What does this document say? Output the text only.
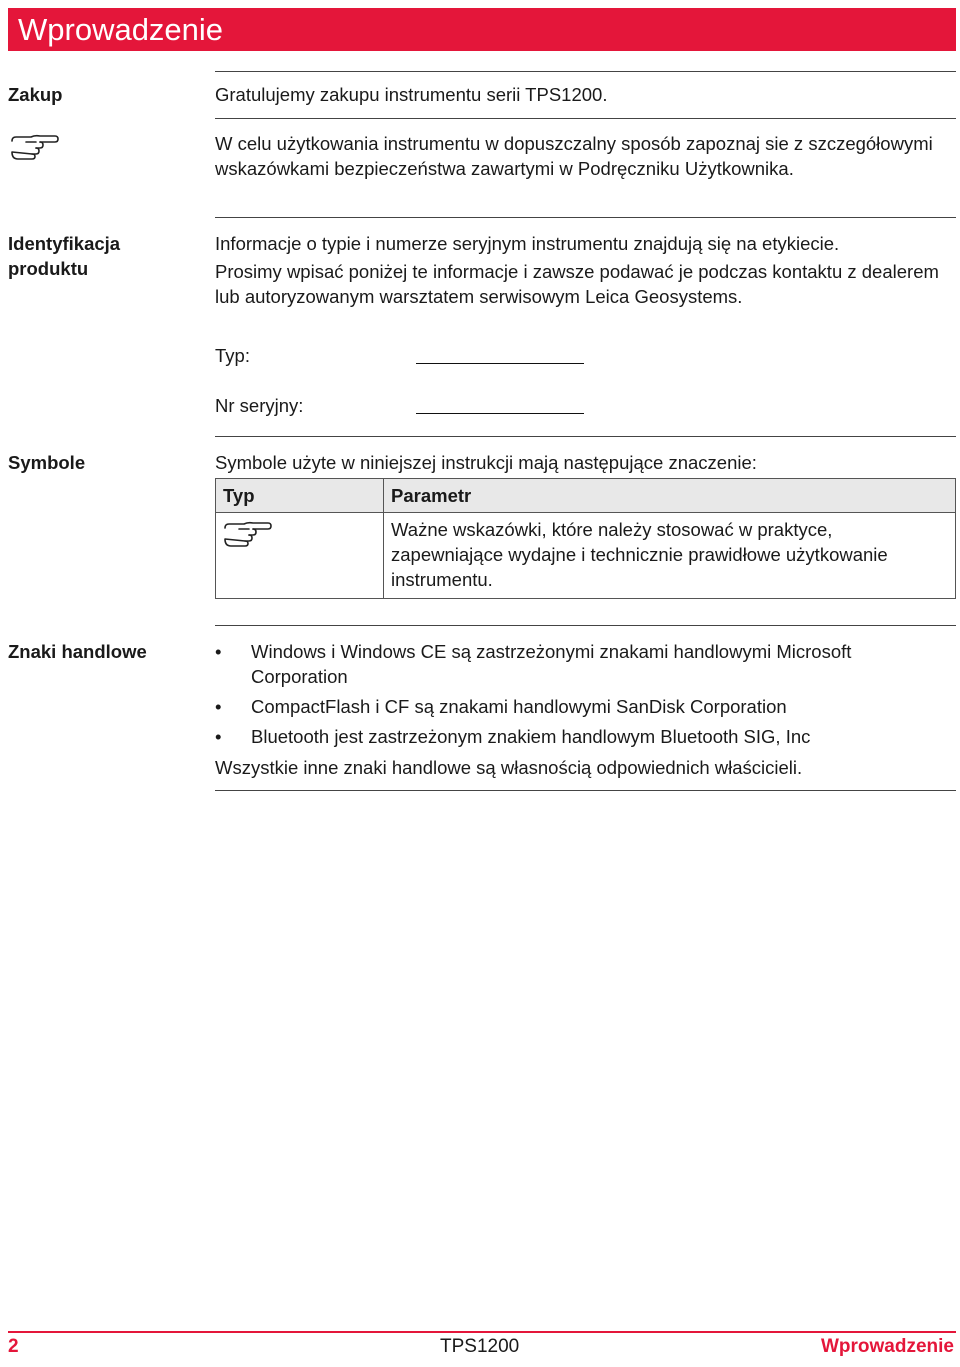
Wprowadzenie
Zakup	Gratulujemy zakupu instrumentu serii TPS1200.
W celu użytkowania instrumentu w dopuszczalny sposób zapoznaj sie z szczegółowymi wskazówkami bezpieczeństwa zawartymi w Podręczniku Użytkownika.
Identyfikacja
produktu
Informacje o typie i numerze seryjnym instrumentu znajdują się na etykiecie.
Prosimy wpisać poniżej te informacje i zawsze podawać je podczas kontaktu z dealerem lub autoryzowanym warsztatem serwisowym Leica Geosystems.
Typ:
Nr seryjny:
Symbole	Symbole użyte w niniejszej instrukcji mają następujące znaczenie:
Typ	Parametr
	Ważne wskazówki, które należy stosować w praktyce, zapewniające wydajne i technicznie prawidłowe użytkowanie instrumentu.
Znaki handlowe	• Windows i Windows CE są zastrzeżonymi znakami handlowymi Microsoft Corporation
• CompactFlash i CF są znakami handlowymi SanDisk Corporation
• Bluetooth jest zastrzeżonym znakiem handlowym Bluetooth SIG, Inc
Wszystkie inne znaki handlowe są własnością odpowiednich właścicieli.
2	TPS1200	Wprowadzenie
